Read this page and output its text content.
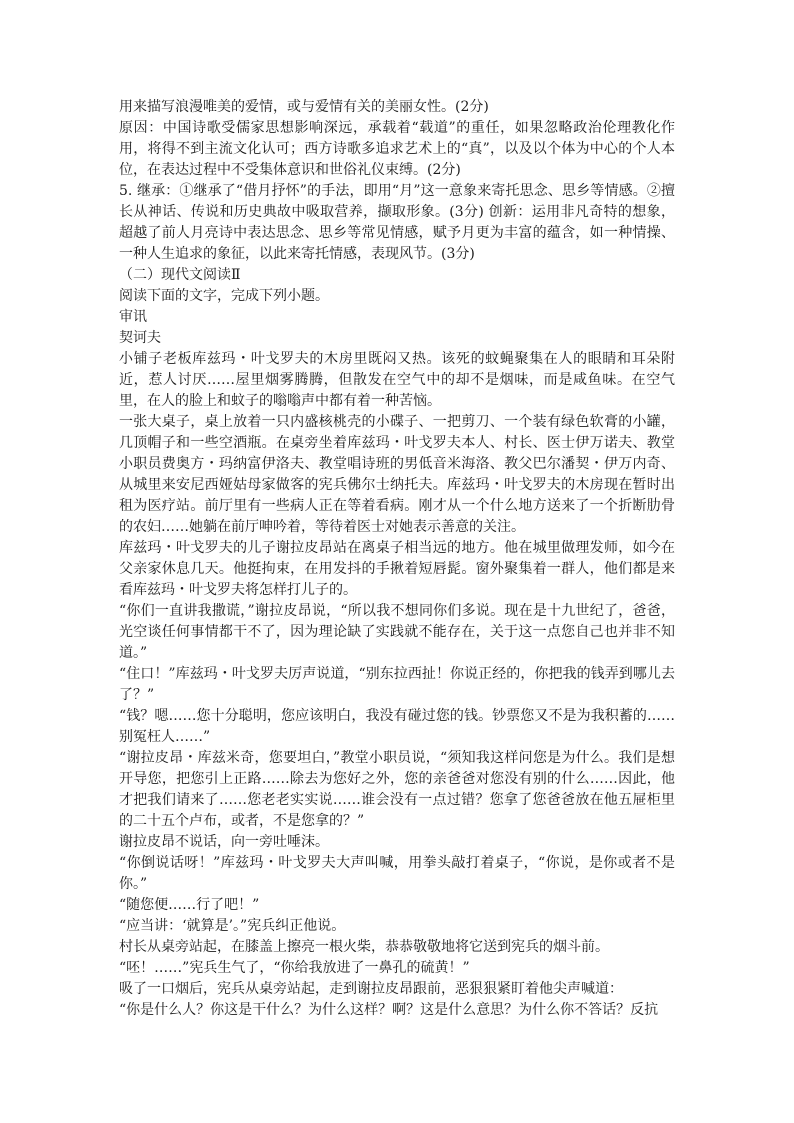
用来描写浪漫唯美的爱情，或与爱情有关的美丽女性。(2分)

原因：中国诗歌受儒家思想影响深远，承载着“载道”的重任，如果忽略政治伦理教化作用，将得不到主流文化认可；西方诗歌多追求艺术上的“真”，以及以个体为中心的个人本位，在表达过程中不受集体意识和世俗礼仪束缚。(2分)

5. 继承：①继承了“借月抒怀”的手法，即用“月”这一意象来寄托思念、思乡等情感。②擅长从神话、传说和历史典故中吸取营养，撷取形象。(3分) 创新：运用非凡奇特的想象，超越了前人月亮诗中表达思念、思乡等常见情感，赋予月更为丰富的蕴含，如一种情操、一种人生追求的象征，以此来寄托情感，表现风节。(3分)

（二）现代文阅读Ⅱ

阅读下面的文字，完成下列小题。

审讯

契诃夫

小铺子老板库兹玛・叶戈罗夫的木房里既闷又热。该死的蚊蝇聚集在人的眼睛和耳朵附近，惹人讨厌……屋里烟雾腾腾，但散发在空气中的却不是烟味，而是咸鱼味。在空气里，在人的脸上和蚊子的嗡嗡声中都有着一种苦恼。

一张大桌子，桌上放着一只内盛核桃壳的小碟子、一把剪刀、一个装有绿色软膏的小罐，几顶帽子和一些空酒瓶。在桌旁坐着库兹玛・叶戈罗夫本人、村长、医士伊万诺夫、教堂小职员费奥方・玛纳富伊洛夫、教堂唱诗班的男低音米海洛、教父巴尔潘契・伊万内奇、从城里来安尼西娅姑母家做客的宪兵佛尔士纳托夫。库兹玛・叶戈罗夫的木房现在暂时出租为医疗站。前厅里有一些病人正在等着看病。刚才从一个什么地方送来了一个折断肋骨的农妇……她躺在前厅呻吟着，等待着医士对她表示善意的关注。

库兹玛・叶戈罗夫的儿子谢拉皮昂站在离桌子相当远的地方。他在城里做理发师，如今在父亲家休息几天。他挺拘束，在用发抖的手揪着短唇髭。窗外聚集着一群人，他们都是来看库兹玛・叶戈罗夫将怎样打儿子的。

“你们一直讲我撒谎，”谢拉皮昂说，“所以我不想同你们多说。现在是十九世纪了，爸爸，光空谈任何事情都干不了，因为理论缺了实践就不能存在，关于这一点您自己也并非不知道。”

“住口！”库兹玛・叶戈罗夫厉声说道，“别东拉西扯！你说正经的，你把我的钱弄到哪儿去了？”

“钱？嗯……您十分聪明，您应该明白，我没有碰过您的钱。钞票您又不是为我积蓄的……别冤枉人……”

“谢拉皮昂・库兹米奇，您要坦白，”教堂小职员说，“须知我这样问您是为什么。我们是想开导您，把您引上正路……除去为您好之外，您的亲爸爸对您没有别的什么……因此，他才把我们请来了……您老老实实说……谁会没有一点过错？您拿了您爸爸放在他五屉柜里的二十五个卢布，或者，不是您拿的？”

谢拉皮昂不说话，向一旁吐唾沫。

“你倒说话呀！”库兹玛・叶戈罗夫大声叫喊，用拳头敲打着桌子，“你说，是你或者不是你。”

“随您便……行了吧！”

“应当讲：‘就算是’。”宪兵纠正他说。

村长从桌旁站起，在膝盖上擦亮一根火柴，恭恭敬敬地将它送到宪兵的烟斗前。

“呸！……”宪兵生气了，“你给我放进了一鼻孔的硫黄！”

吸了一口烟后，宪兵从桌旁站起，走到谢拉皮昂跟前，恶狠狠紧盯着他尖声喊道：

“你是什么人？你这是干什么？为什么这样？啊？这是什么意思？为什么你不答话？反抗
